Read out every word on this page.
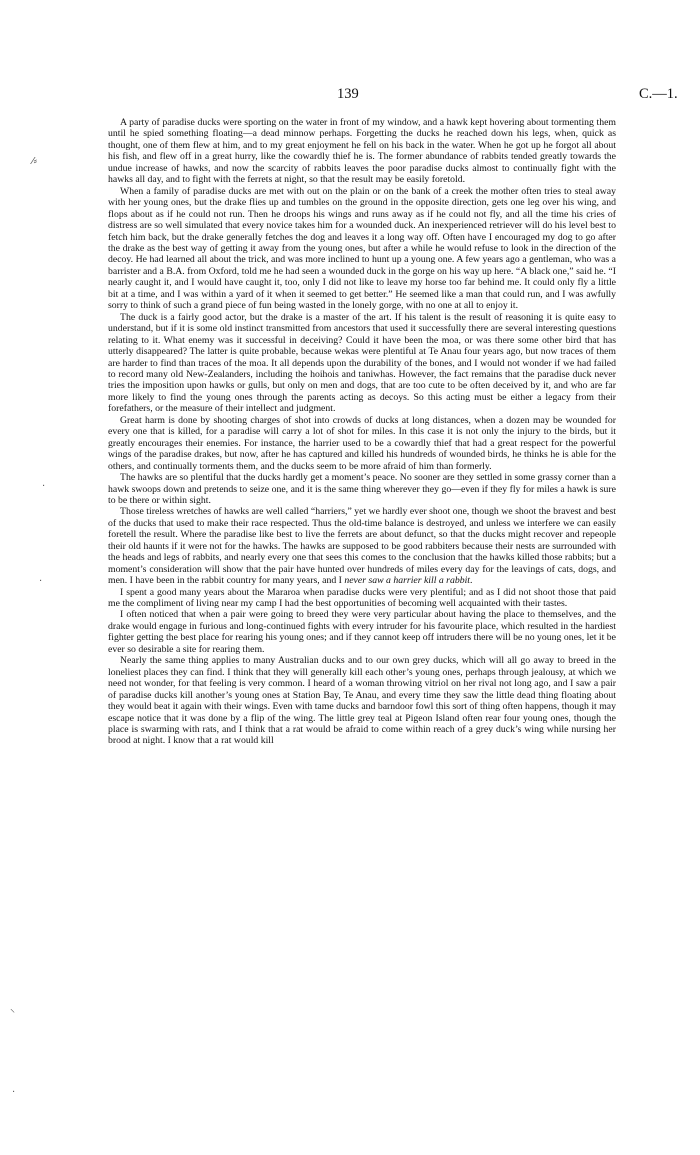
139	C.—1.
⁄⸗
·
·
⸌
·

A party of paradise ducks were sporting on the water in front of my window, and a hawk kept hovering about tormenting them until he spied something floating—a dead minnow perhaps. Forgetting the ducks he reached down his legs, when, quick as thought, one of them flew at him, and to my great enjoyment he fell on his back in the water. When he got up he forgot all about his fish, and flew off in a great hurry, like the cowardly thief he is. The former abundance of rabbits tended greatly towards the undue increase of hawks, and now the scarcity of rabbits leaves the poor paradise ducks almost to continually fight with the hawks all day, and to fight with the ferrets at night, so that the result may be easily foretold.

When a family of paradise ducks are met with out on the plain or on the bank of a creek the mother often tries to steal away with her young ones, but the drake flies up and tumbles on the ground in the opposite direction, gets one leg over his wing, and flops about as if he could not run. Then he droops his wings and runs away as if he could not fly, and all the time his cries of distress are so well simulated that every novice takes him for a wounded duck. An inexperienced retriever will do his level best to fetch him back, but the drake generally fetches the dog and leaves it a long way off. Often have I encouraged my dog to go after the drake as the best way of getting it away from the young ones, but after a while he would refuse to look in the direction of the decoy. He had learned all about the trick, and was more inclined to hunt up a young one. A few years ago a gentleman, who was a barrister and a B.A. from Oxford, told me he had seen a wounded duck in the gorge on his way up here. “A black one,” said he. “I nearly caught it, and I would have caught it, too, only I did not like to leave my horse too far behind me. It could only fly a little bit at a time, and I was within a yard of it when it seemed to get better.” He seemed like a man that could run, and I was awfully sorry to think of such a grand piece of fun being wasted in the lonely gorge, with no one at all to enjoy it.

The duck is a fairly good actor, but the drake is a master of the art. If his talent is the result of reasoning it is quite easy to understand, but if it is some old instinct transmitted from ancestors that used it successfully there are several interesting questions relating to it. What enemy was it successful in deceiving? Could it have been the moa, or was there some other bird that has utterly disappeared? The latter is quite probable, because wekas were plentiful at Te Anau four years ago, but now traces of them are harder to find than traces of the moa. It all depends upon the durability of the bones, and I would not wonder if we had failed to record many old New-Zealanders, including the hoihois and taniwhas. However, the fact remains that the paradise duck never tries the imposition upon hawks or gulls, but only on men and dogs, that are too cute to be often deceived by it, and who are far more likely to find the young ones through the parents acting as decoys. So this acting must be either a legacy from their forefathers, or the measure of their intellect and judgment.

Great harm is done by shooting charges of shot into crowds of ducks at long distances, when a dozen may be wounded for every one that is killed, for a paradise will carry a lot of shot for miles. In this case it is not only the injury to the birds, but it greatly encourages their enemies. For instance, the harrier used to be a cowardly thief that had a great respect for the powerful wings of the paradise drakes, but now, after he has captured and killed his hundreds of wounded birds, he thinks he is able for the others, and continually torments them, and the ducks seem to be more afraid of him than formerly.

The hawks are so plentiful that the ducks hardly get a moment’s peace. No sooner are they settled in some grassy corner than a hawk swoops down and pretends to seize one, and it is the same thing wherever they go—even if they fly for miles a hawk is sure to be there or within sight.

Those tireless wretches of hawks are well called “harriers,” yet we hardly ever shoot one, though we shoot the bravest and best of the ducks that used to make their race respected. Thus the old-time balance is destroyed, and unless we interfere we can easily foretell the result. Where the paradise like best to live the ferrets are about defunct, so that the ducks might recover and repeople their old haunts if it were not for the hawks. The hawks are supposed to be good rabbiters because their nests are surrounded with the heads and legs of rabbits, and nearly every one that sees this comes to the conclusion that the hawks killed those rabbits; but a moment’s consideration will show that the pair have hunted over hundreds of miles every day for the leavings of cats, dogs, and men. I have been in the rabbit country for many years, and I never saw a harrier kill a rabbit.

I spent a good many years about the Mararoa when paradise ducks were very plentiful; and as I did not shoot those that paid me the compliment of living near my camp I had the best opportunities of becoming well acquainted with their tastes.

I often noticed that when a pair were going to breed they were very particular about having the place to themselves, and the drake would engage in furious and long-continued fights with every intruder for his favourite place, which resulted in the hardiest fighter getting the best place for rearing his young ones; and if they cannot keep off intruders there will be no young ones, let it be ever so desirable a site for rearing them.

Nearly the same thing applies to many Australian ducks and to our own grey ducks, which will all go away to breed in the loneliest places they can find. I think that they will generally kill each other’s young ones, perhaps through jealousy, at which we need not wonder, for that feeling is very common. I heard of a woman throwing vitriol on her rival not long ago, and I saw a pair of paradise ducks kill another’s young ones at Station Bay, Te Anau, and every time they saw the little dead thing floating about they would beat it again with their wings. Even with tame ducks and barndoor fowl this sort of thing often happens, though it may escape notice that it was done by a flip of the wing. The little grey teal at Pigeon Island often rear four young ones, though the place is swarming with rats, and I think that a rat would be afraid to come within reach of a grey duck’s wing while nursing her brood at night. I know that a rat would kill
